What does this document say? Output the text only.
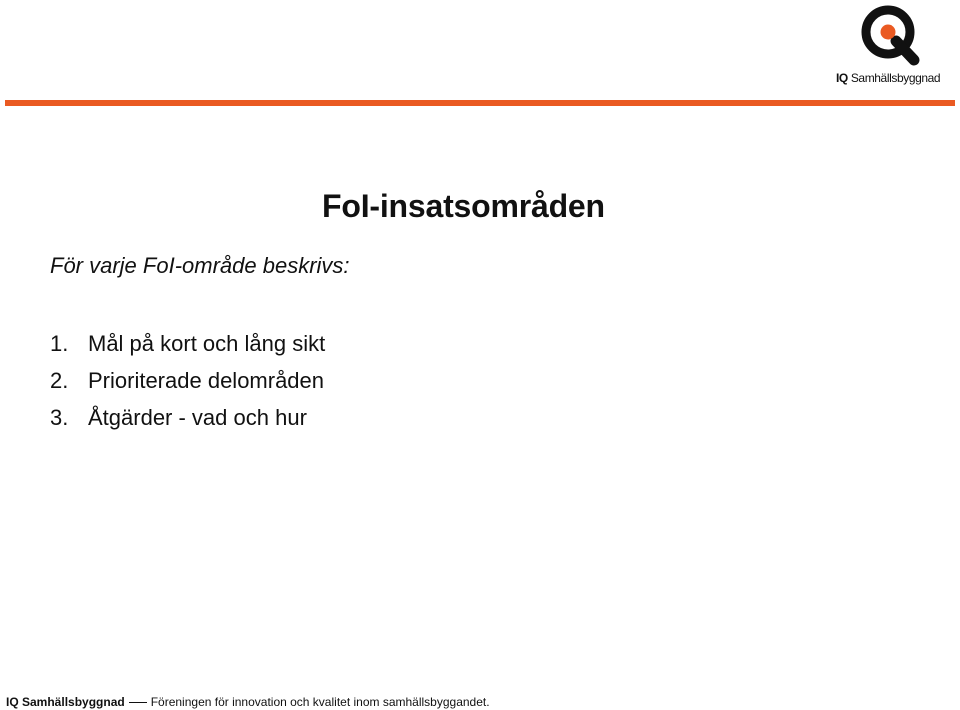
IQ Samhällsbyggnad
FoI-insatsområden
För varje FoI-område beskrivs:
1. Mål på kort och lång sikt
2. Prioriterade delområden
3. Åtgärder - vad och hur
IQ Samhällsbyggnad Föreningen för innovation och kvalitet inom samhällsbyggandet.
